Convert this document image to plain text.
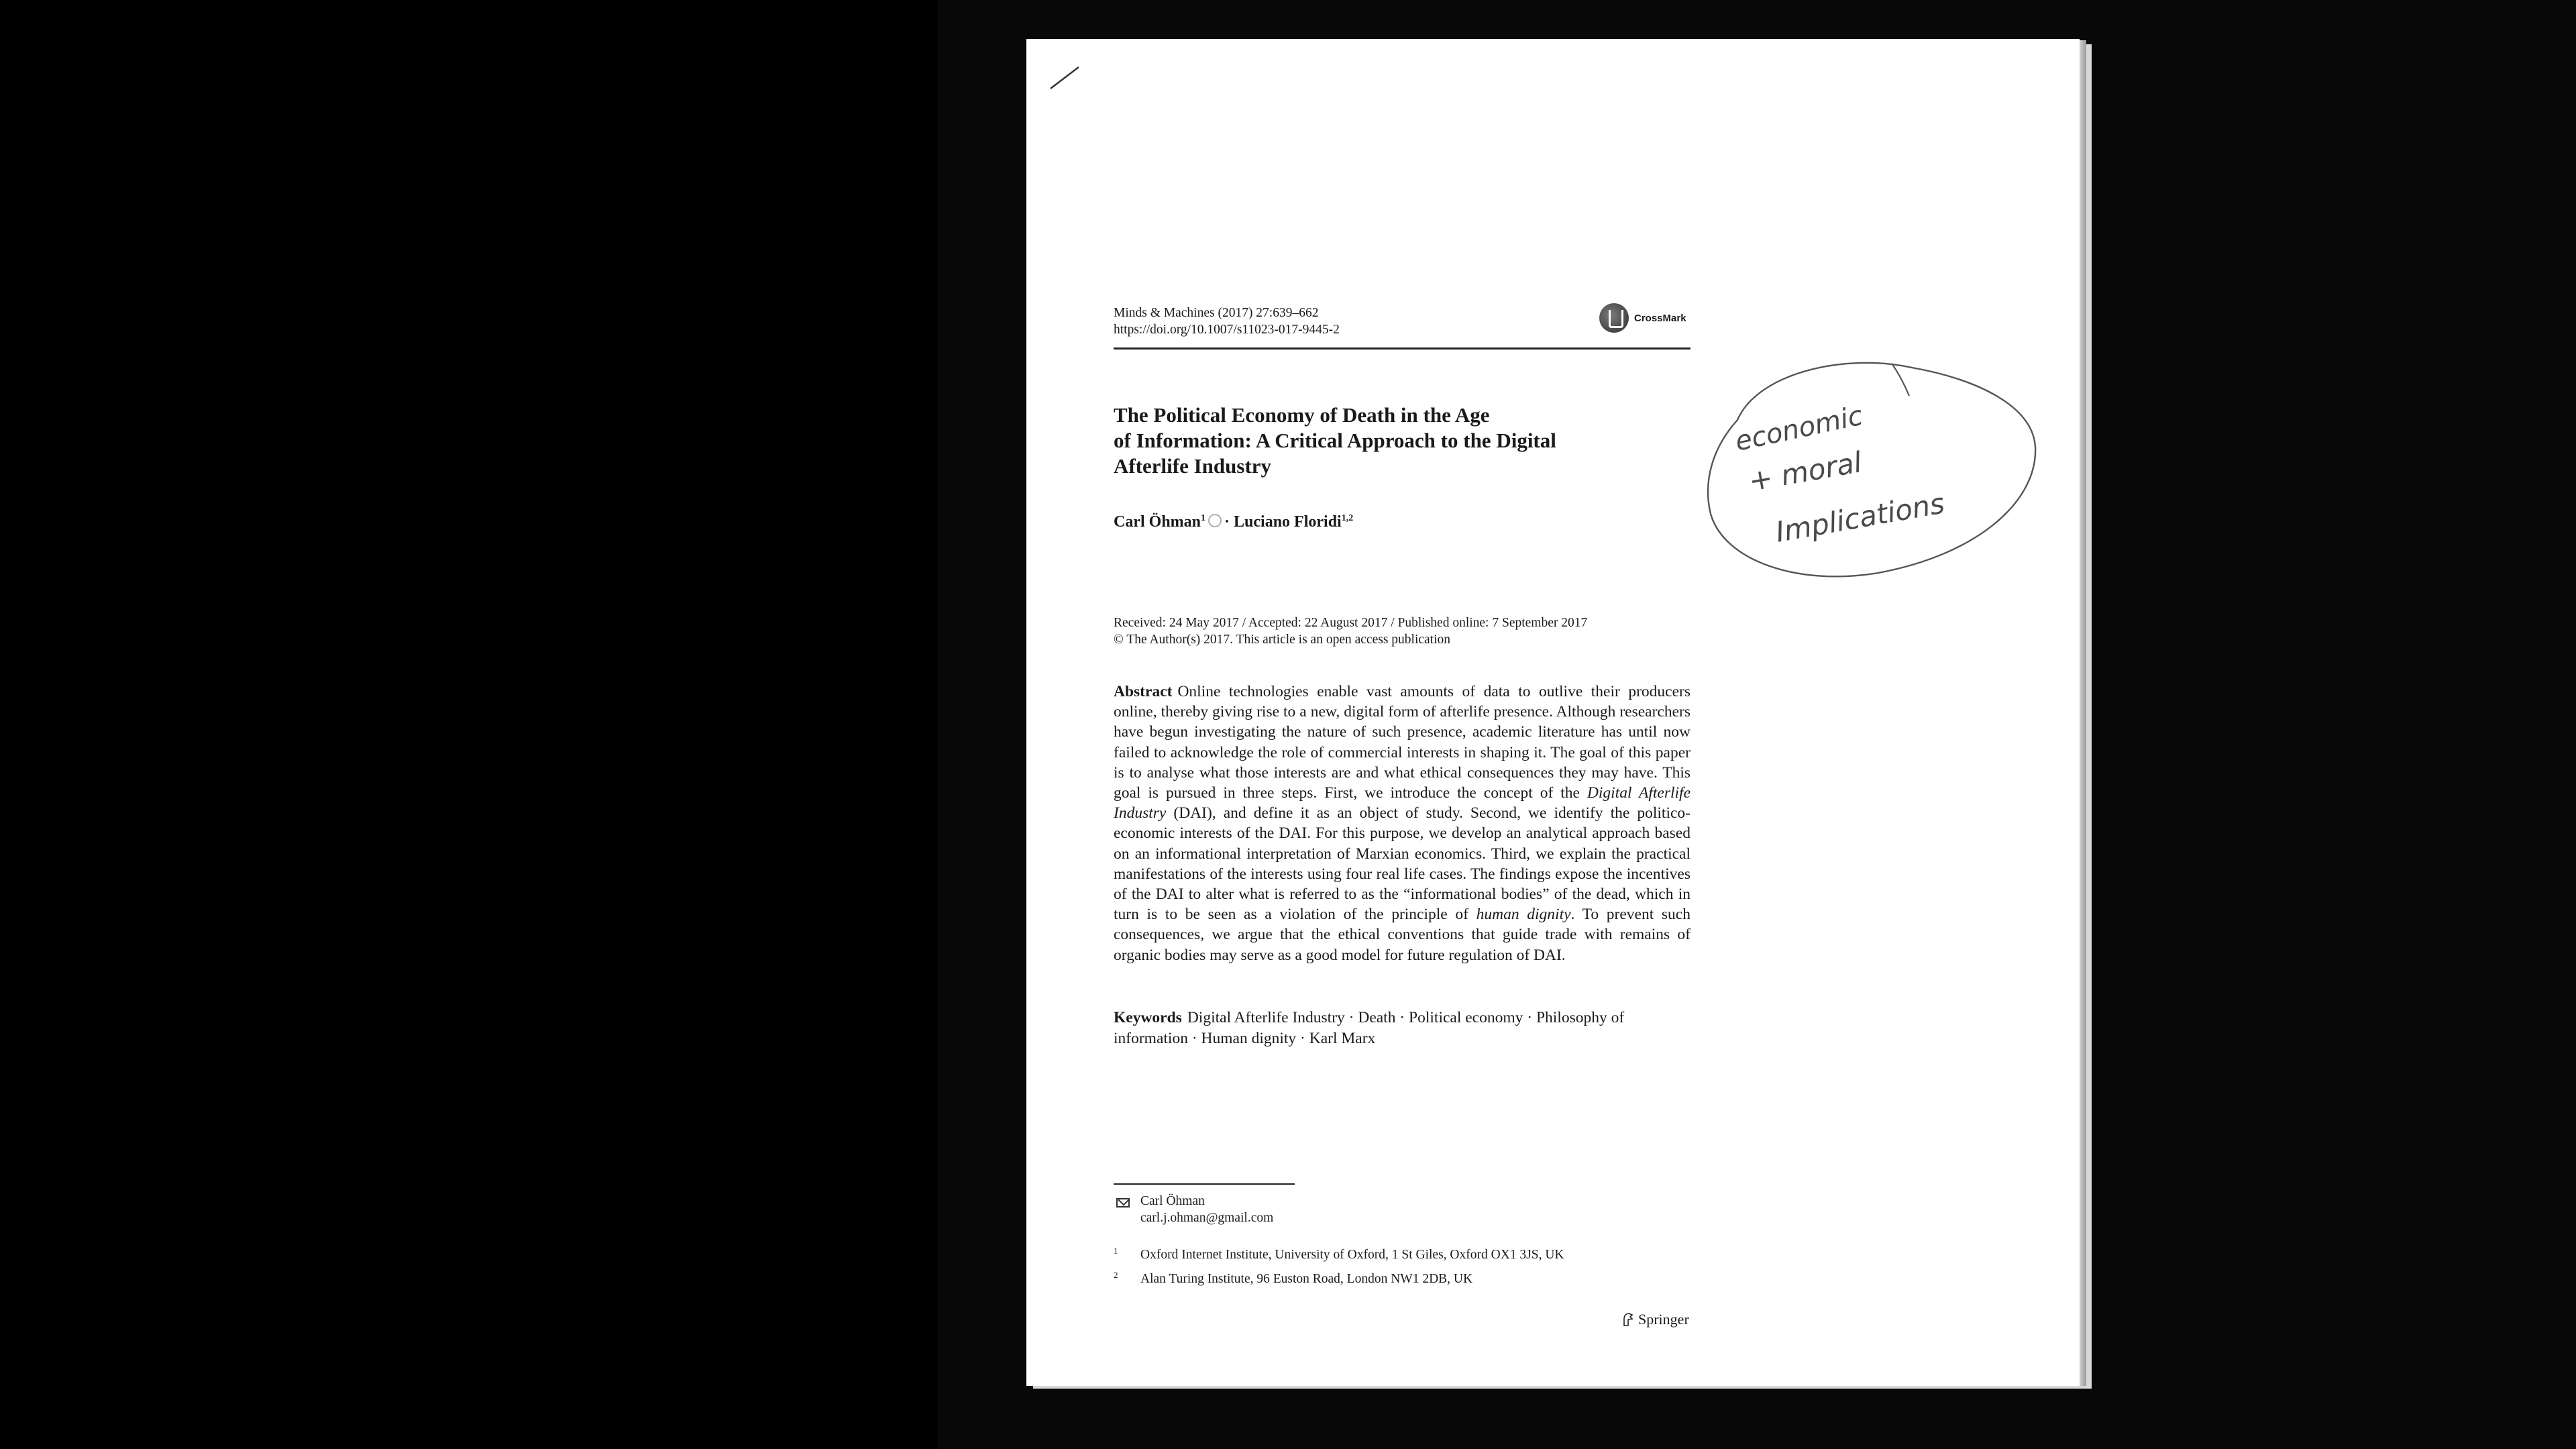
Minds & Machines (2017) 27:639–662
https://doi.org/10.1007/s11023-017-9445-2
CrossMark
The Political Economy of Death in the Age
of Information: A Critical Approach to the Digital
Afterlife Industry
Carl Öhman$^1$ · Luciano Floridi$^{1,2}$
Received: 24 May 2017 / Accepted: 22 August 2017 / Published online: 7 September 2017
© The Author(s) 2017. This article is an open access publication
Abstract Online technologies enable vast amounts of data to outlive their producers online, thereby giving rise to a new, digital form of afterlife presence. Although researchers have begun investigating the nature of such presence, academic literature has until now failed to acknowledge the role of commercial interests in shaping it. The goal of this paper is to analyse what those interests are and what ethical consequences they may have. This goal is pursued in three steps. First, we introduce the concept of the Digital Afterlife Industry (DAI), and define it as an object of study. Second, we identify the politico-economic interests of the DAI. For this purpose, we develop an analytical approach based on an informational interpretation of Marxian economics. Third, we explain the practical manifestations of the interests using four real life cases. The findings expose the incentives of the DAI to alter what is referred to as the “informational bodies” of the dead, which in turn is to be seen as a violation of the principle of human dignity. To prevent such consequences, we argue that the ethical conventions that guide trade with remains of organic bodies may serve as a good model for future regulation of DAI.
Keywords Digital Afterlife Industry · Death · Political economy · Philosophy of information · Human dignity · Karl Marx
Carl Öhman
carl.j.ohman@gmail.com
1 Oxford Internet Institute, University of Oxford, 1 St Giles, Oxford OX1 3JS, UK
2 Alan Turing Institute, 96 Euston Road, London NW1 2DB, UK
Springer
economic
+ moral
Implications
